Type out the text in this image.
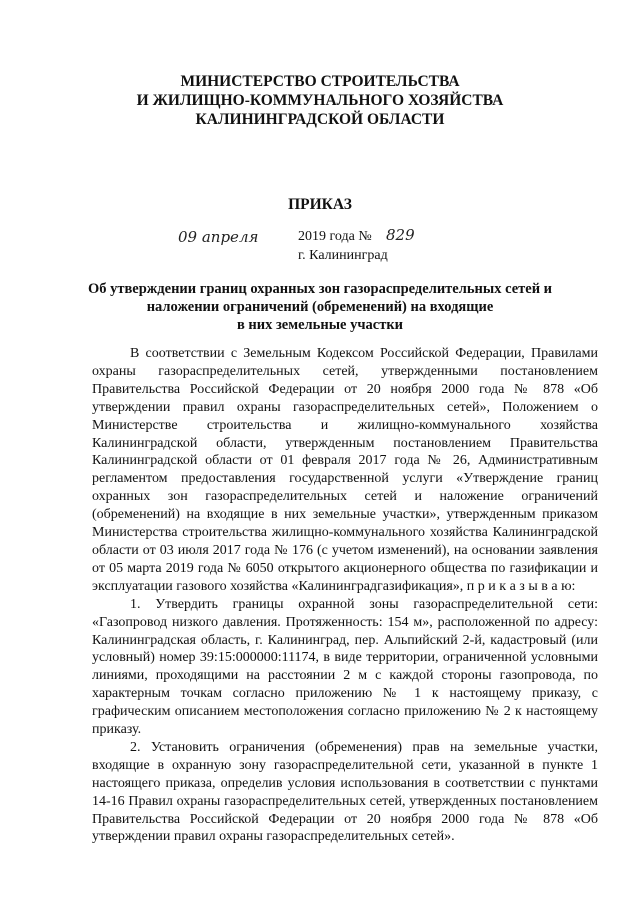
МИНИСТЕРСТВО СТРОИТЕЛЬСТВА
И ЖИЛИЩНО-КОММУНАЛЬНОГО ХОЗЯЙСТВА
КАЛИНИНГРАДСКОЙ ОБЛАСТИ
ПРИКАЗ
09 апреля	2019 года № 829
г. Калининград
Об утверждении границ охранных зон газораспределительных сетей и
наложении ограничений (обременений) на входящие
в них земельные участки

В соответствии с Земельным Кодексом Российской Федерации, Правилами охраны газораспределительных сетей, утвержденными постановлением Правительства Российской Федерации от 20 ноября 2000 года № 878 «Об утверждении правил охраны газораспределительных сетей», Положением о Министерстве строительства и жилищно-коммунального хозяйства Калининградской области, утвержденным постановлением Правительства Калининградской области от 01 февраля 2017 года № 26, Административным регламентом предоставления государственной услуги «Утверждение границ охранных зон газораспределительных сетей и наложение ограничений (обременений) на входящие в них земельные участки», утвержденным приказом Министерства строительства жилищно-коммунального хозяйства Калининградской области от 03 июля 2017 года № 176 (с учетом изменений), на основании заявления от 05 марта 2019 года № 6050 открытого акционерного общества по газификации и эксплуатации газового хозяйства «Калининградгазификация», п р и к а з ы в а ю:

1. Утвердить границы охранной зоны газораспределительной сети: «Газопровод низкого давления. Протяженность: 154 м», расположенной по адресу: Калининградская область, г. Калининград, пер. Альпийский 2-й, кадастровый (или условный) номер 39:15:000000:11174, в виде территории, ограниченной условными линиями, проходящими на расстоянии 2 м с каждой стороны газопровода, по характерным точкам согласно приложению № 1 к настоящему приказу, с графическим описанием местоположения согласно приложению № 2 к настоящему приказу.

2. Установить ограничения (обременения) прав на земельные участки, входящие в охранную зону газораспределительной сети, указанной в пункте 1 настоящего приказа, определив условия использования в соответствии с пунктами 14-16 Правил охраны газораспределительных сетей, утвержденных постановлением Правительства Российской Федерации от 20 ноября 2000 года № 878 «Об утверждении правил охраны газораспределительных сетей».
